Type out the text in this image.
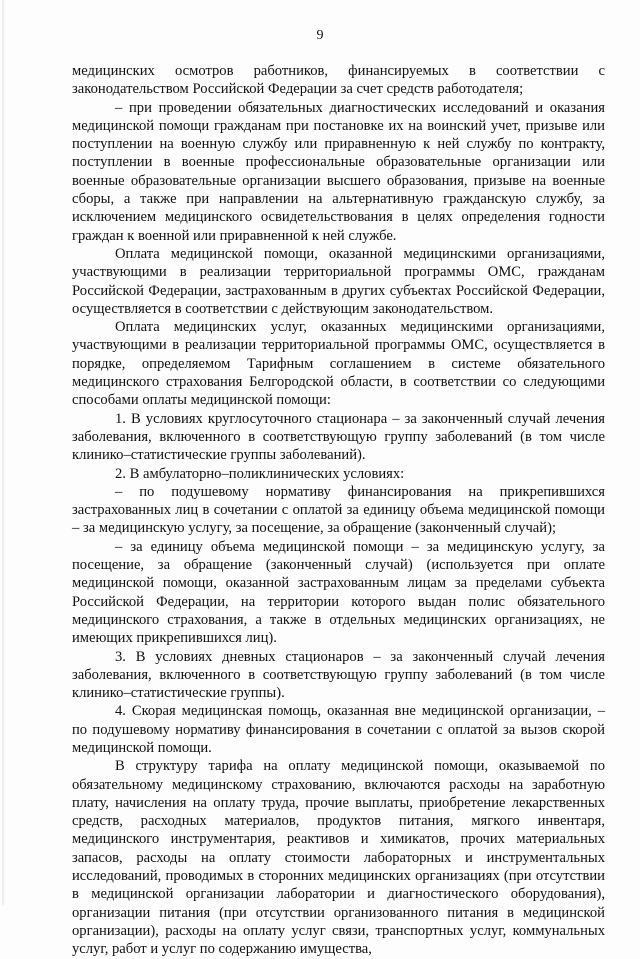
9

медицинских осмотров работников, финансируемых в соответствии с законодательством Российской Федерации за счет средств работодателя;

– при проведении обязательных диагностических исследований и оказания медицинской помощи гражданам при постановке их на воинский учет, призыве или поступлении на военную службу или приравненную к ней службу по контракту, поступлении в военные профессиональные образовательные организации или военные образовательные организации высшего образования, призыве на военные сборы, а также при направлении на альтернативную гражданскую службу, за исключением медицинского освидетельствования в целях определения годности граждан к военной или приравненной к ней службе.

Оплата медицинской помощи, оказанной медицинскими организациями, участвующими в реализации территориальной программы ОМС, гражданам Российской Федерации, застрахованным в других субъектах Российской Федерации, осуществляется в соответствии с действующим законодательством.

Оплата медицинских услуг, оказанных медицинскими организациями, участвующими в реализации территориальной программы ОМС, осуществляется в порядке, определяемом Тарифным соглашением в системе обязательного медицинского страхования Белгородской области, в соответствии со следующими способами оплаты медицинской помощи:

1. В условиях круглосуточного стационара – за законченный случай лечения заболевания, включенного в соответствующую группу заболеваний (в том числе клинико–статистические группы заболеваний).

2. В амбулаторно–поликлинических условиях:

– по подушевому нормативу финансирования на прикрепившихся застрахованных лиц в сочетании с оплатой за единицу объема медицинской помощи – за медицинскую услугу, за посещение, за обращение (законченный случай);

– за единицу объема медицинской помощи – за медицинскую услугу, за посещение, за обращение (законченный случай) (используется при оплате медицинской помощи, оказанной застрахованным лицам за пределами субъекта Российской Федерации, на территории которого выдан полис обязательного медицинского страхования, а также в отдельных медицинских организациях, не имеющих прикрепившихся лиц).

3. В условиях дневных стационаров – за законченный случай лечения заболевания, включенного в соответствующую группу заболеваний (в том числе клинико–статистические группы).

4. Скорая медицинская помощь, оказанная вне медицинской организации, – по подушевому нормативу финансирования в сочетании с оплатой за вызов скорой медицинской помощи.

В структуру тарифа на оплату медицинской помощи, оказываемой по обязательному медицинскому страхованию, включаются расходы на заработную плату, начисления на оплату труда, прочие выплаты, приобретение лекарственных средств, расходных материалов, продуктов питания, мягкого инвентаря, медицинского инструментария, реактивов и химикатов, прочих материальных запасов, расходы на оплату стоимости лабораторных и инструментальных исследований, проводимых в сторонних медицинских организациях (при отсутствии в медицинской организации лаборатории и диагностического оборудования), организации питания (при отсутствии организованного питания в медицинской организации), расходы на оплату услуг связи, транспортных услуг, коммунальных услуг, работ и услуг по содержанию имущества,
